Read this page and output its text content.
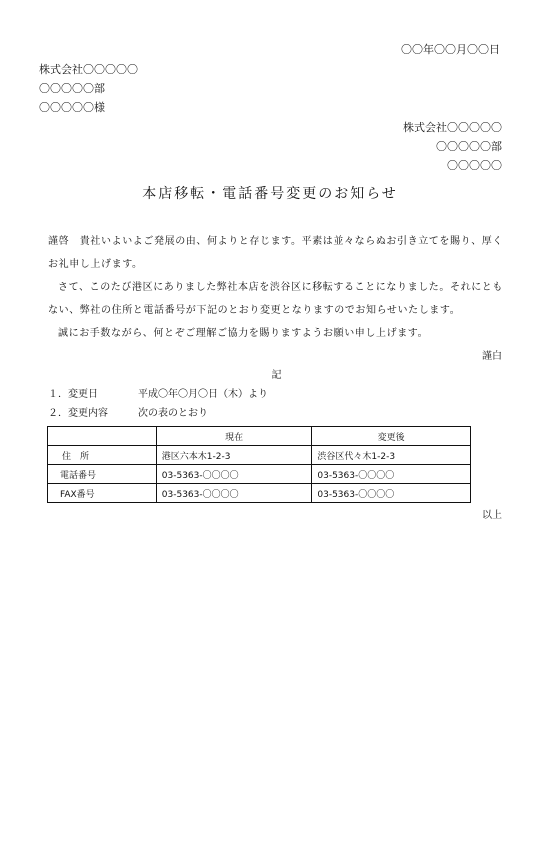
〇〇年〇〇月〇〇日
株式会社〇〇〇〇〇
〇〇〇〇〇部
〇〇〇〇〇様
株式会社〇〇〇〇〇
〇〇〇〇〇部
〇〇〇〇〇
本店移転・電話番号変更のお知らせ

謹啓　貴社いよいよご発展の由、何よりと存じます。平素は並々ならぬお引き立てを賜り、厚くお礼申し上げます。

さて、このたび港区にありました弊社本店を渋谷区に移転することになりました。それにともない、弊社の住所と電話番号が下記のとおり変更となりますのでお知らせいたします。

誠にお手数ながら、何とぞご理解ご協力を賜りますようお願い申し上げます。

謹白
記
１．変更日	平成〇年〇月〇日（木）より
２．変更内容	次の表のとおり
	現在	変更後
住　所	港区六本木1-2-3	渋谷区代々木1-2-3
電話番号	03-5363-〇〇〇〇	03-5363-〇〇〇〇
FAX番号	03-5363-〇〇〇〇	03-5363-〇〇〇〇
以上
